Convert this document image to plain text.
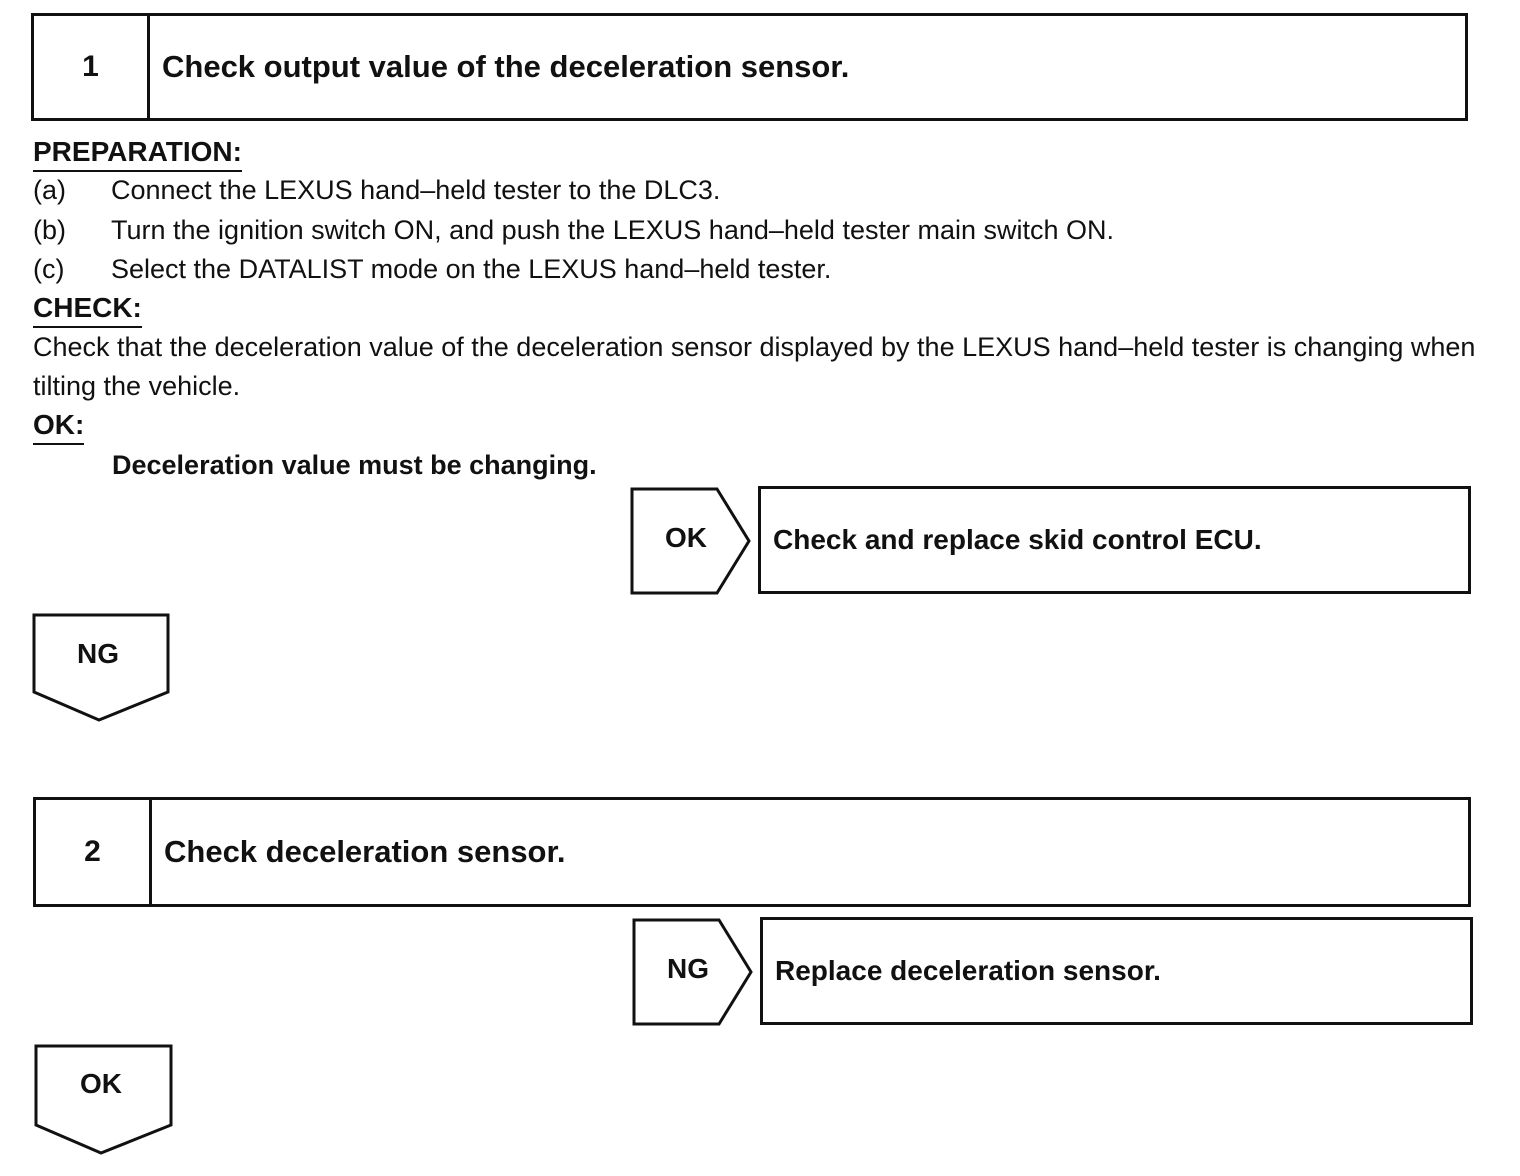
1	Check output value of the deceleration sensor.
PREPARATION:
(a) Connect the LEXUS hand–held tester to the DLC3.
(b) Turn the ignition switch ON, and push the LEXUS hand–held tester main switch ON.
(c) Select the DATALIST mode on the LEXUS hand–held tester.
CHECK:
Check that the deceleration value of the deceleration sensor displayed by the LEXUS hand–held tester is changing when tilting the vehicle.
OK:
Deceleration value must be changing.
OK	Check and replace skid control ECU.
NG
2	Check deceleration sensor.
NG	Replace deceleration sensor.
OK
